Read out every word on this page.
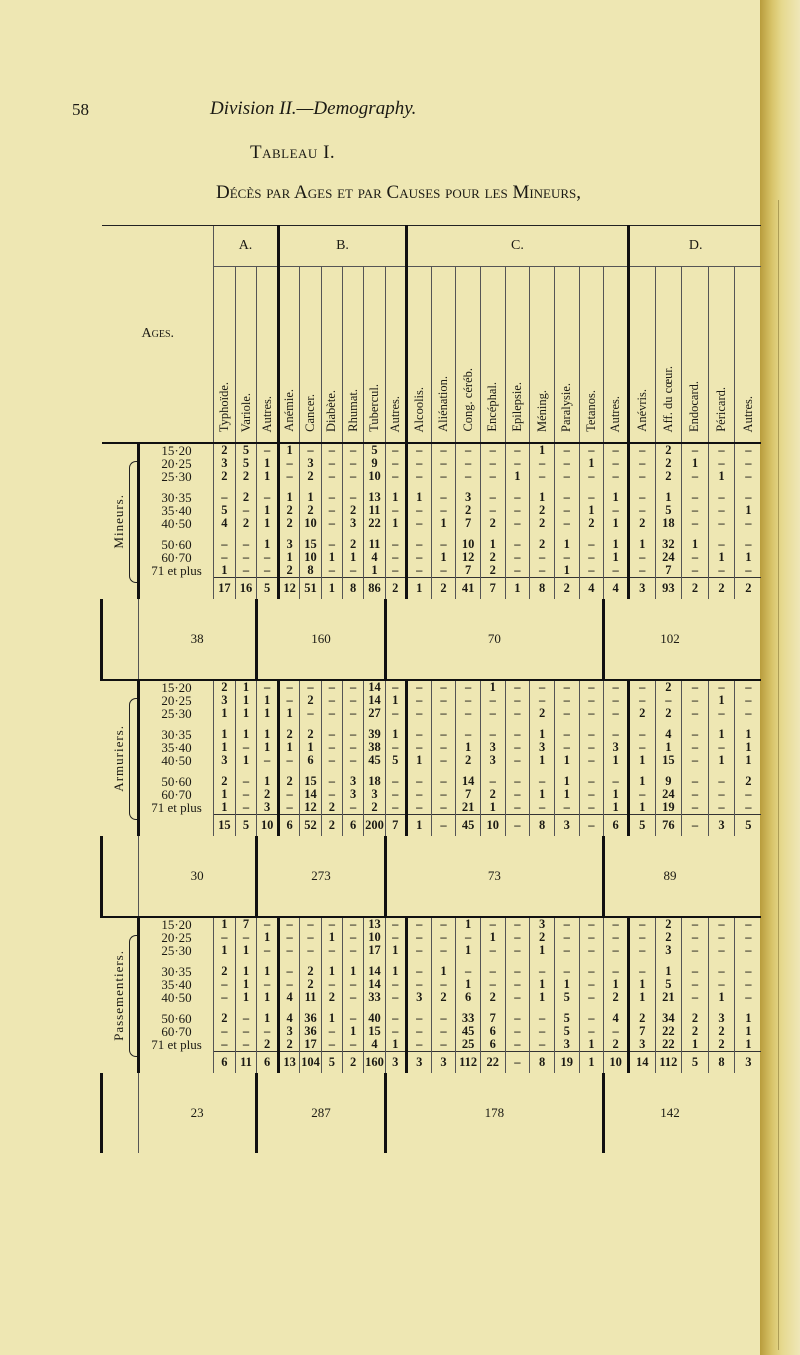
58	Division II.—Demography.
Tableau I.
Décès par Ages et par Causes pour les Mineurs,
Ages.		A.			B.						C.									D.				
		Typhoïde.	Variole.	Autres.	Anémie.	Cancer.	Diabète.	Rhumat.	Tubercul.	Autres.	Alcoolis.	Aliénation.	Cong. céréb.	Encéphal.	Epilepsie.	Méning.	Paralysie.	Tetanos.	Autres.	Anévris.	Aff. du cœur.	Endocard.	Péricard.	Autres.

Mineurs.	15·20	2	5	–	1	–	–	–	5	–	–	–	–	–	–	1	–	–	–	–	2	–	–	–
	20·25	3	5	1	–	3	–	–	9	–	–	–	–	–	–	–	–	1	–	–	2	1	–	–
	25·30	2	2	1	–	2	–	–	10	–	–	–	–	–	1	–	–	–	–	–	2	–	1	–

	30·35	–	2	–	1	1	–	–	13	1	1	–	3	–	–	1	–	–	1	–	1	–	–	–
	35·40	5	–	1	2	2	–	2	11	–	–	–	2	–	–	2	–	1	–	–	5	–	–	1
	40·50	4	2	1	2	10	–	3	22	1	–	1	7	2	–	2	–	2	1	2	18	–	–	–

	50·60	–	–	1	3	15	–	2	11	–	–	–	10	1	–	2	1	–	1	1	32	1	–	–
	60·70	–	–	–	1	10	1	1	4	–	–	1	12	2	–	–	–	–	1	–	24	–	1	1
	71 et plus	1	–	–	2	8	–	–	1	–	–	–	7	2	–	–	1	–	–	–	7	–	–	–
		17	16	5	12	51	1	8	86	2	1	2	41	7	1	8	2	4	4	3	93	2	2	2
	38			160						70									102					

Armuriers.	15·20	2	1	–	–	–	–	–	14	–	–	–	–	1	–	–	–	–	–	–	2	–	–	–
	20·25	3	1	1	–	2	–	–	14	1	–	–	–	–	–	–	–	–	–	–	–	–	1	–
	25·30	1	1	1	1	–	–	–	27	–	–	–	–	–	–	2	–	–	–	2	2	–	–	–

	30·35	1	1	1	2	2	–	–	39	1	–	–	–	–	–	1	–	–	–	–	4	–	1	1
	35·40	1	–	1	1	1	–	–	38	–	–	–	1	3	–	3	–	–	3	–	1	–	–	1
	40·50	3	1	–	–	6	–	–	45	5	1	–	2	3	–	1	1	–	1	1	15	–	1	1

	50·60	2	–	1	2	15	–	3	18	–	–	–	14	–	–	–	1	–	–	1	9	–	–	2
	60·70	1	–	2	–	14	–	3	3	–	–	–	7	2	–	1	1	–	1	–	24	–	–	–
	71 et plus	1	–	3	–	12	2	–	2	–	–	–	21	1	–	–	–	–	1	1	19	–	–	–
		15	5	10	6	52	2	6	200	7	1	–	45	10	–	8	3	–	6	5	76	–	3	5
	30			273						73									89					

Passementiers.	15·20	1	7	–	–	–	–	–	13	–	–	–	1	–	–	3	–	–	–	–	2	–	–	–
	20·25	–	–	1	–	–	1	–	10	–	–	–	–	1	–	2	–	–	–	–	2	–	–	–
	25·30	1	1	–	–	–	–	–	17	1	–	–	1	–	–	1	–	–	–	–	3	–	–	–

	30·35	2	1	1	–	2	1	1	14	1	–	1	–	–	–	–	–	–	–	–	1	–	–	–
	35·40	–	1	–	–	2	–	–	14	–	–	–	1	–	–	1	1	–	1	1	5	–	–	–
	40·50	–	1	1	4	11	2	–	33	–	3	2	6	2	–	1	5	–	2	1	21	–	1	–

	50·60	2	–	1	4	36	1	–	40	–	–	–	33	7	–	–	5	–	4	2	34	2	3	1
	60·70	–	–	–	3	36	–	1	15	–	–	–	45	6	–	–	5	–	–	7	22	2	2	1
	71 et plus	–	–	2	2	17	–	–	4	1	–	–	25	6	–	–	3	1	2	3	22	1	2	1
		6	11	6	13	104	5	2	160	3	3	3	112	22	–	8	19	1	10	14	112	5	8	3
	23			287						178									142					
